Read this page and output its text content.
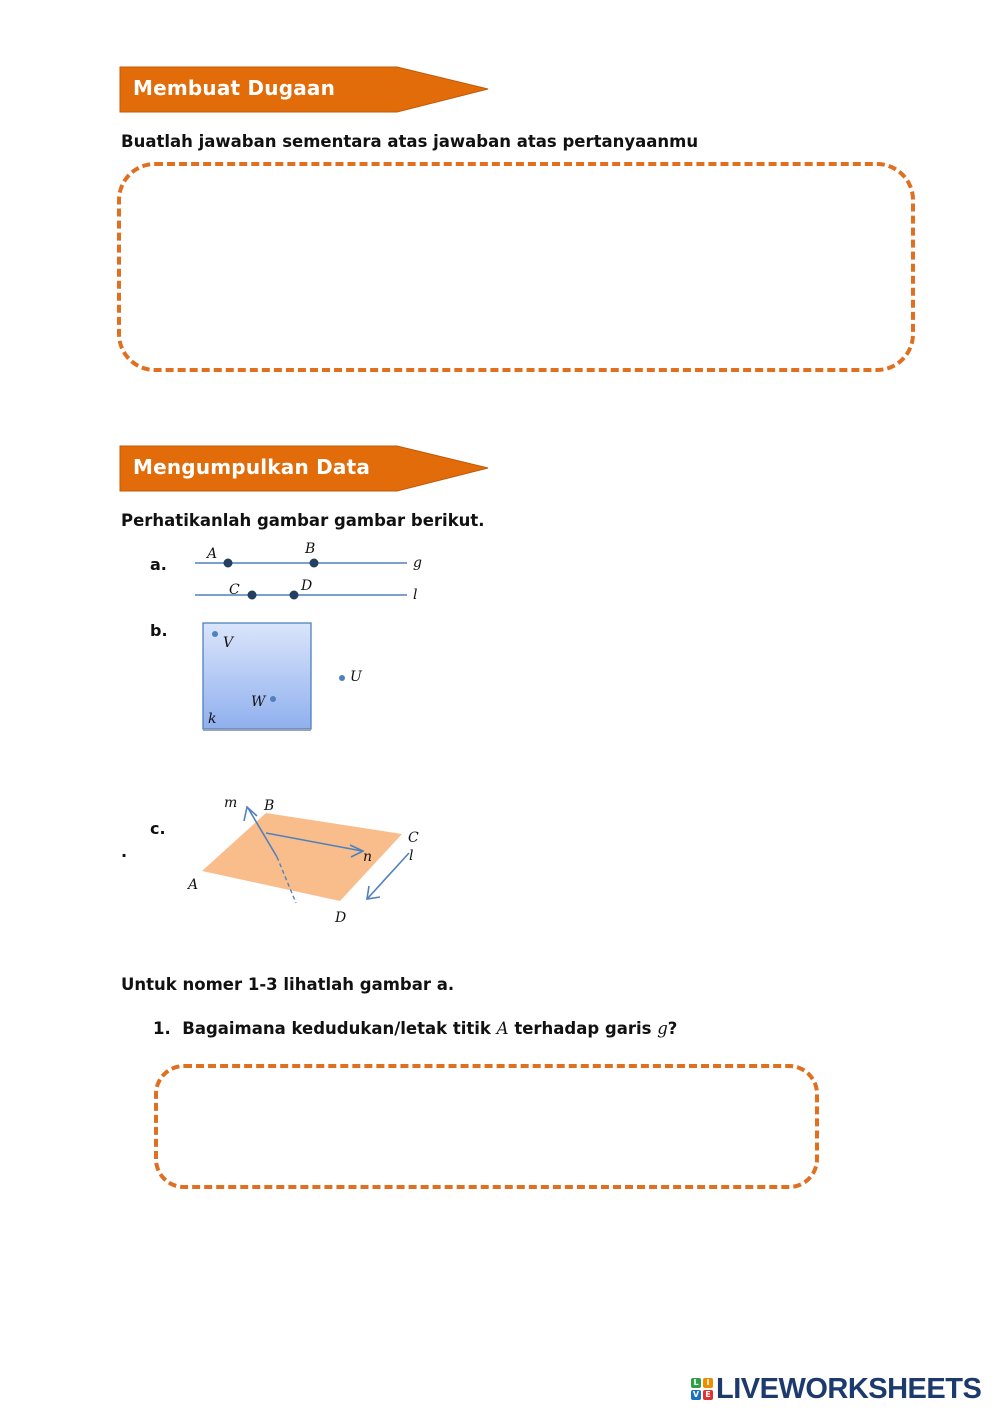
Membuat Dugaan
Buatlah jawaban sementara atas jawaban atas pertanyaanmu
Mengumpulkan Data
Perhatikanlah gambar gambar berikut.
a.
A	B
C	D
g
l
b.
V
W
U
k
c.
.
A
B
C
D
m
n	l
Untuk nomer 1-3 lihatlah gambar a.
1. Bagaimana kedudukan/letak titik A terhadap garis g?
L I
V E LIVEWORKSHEETS
